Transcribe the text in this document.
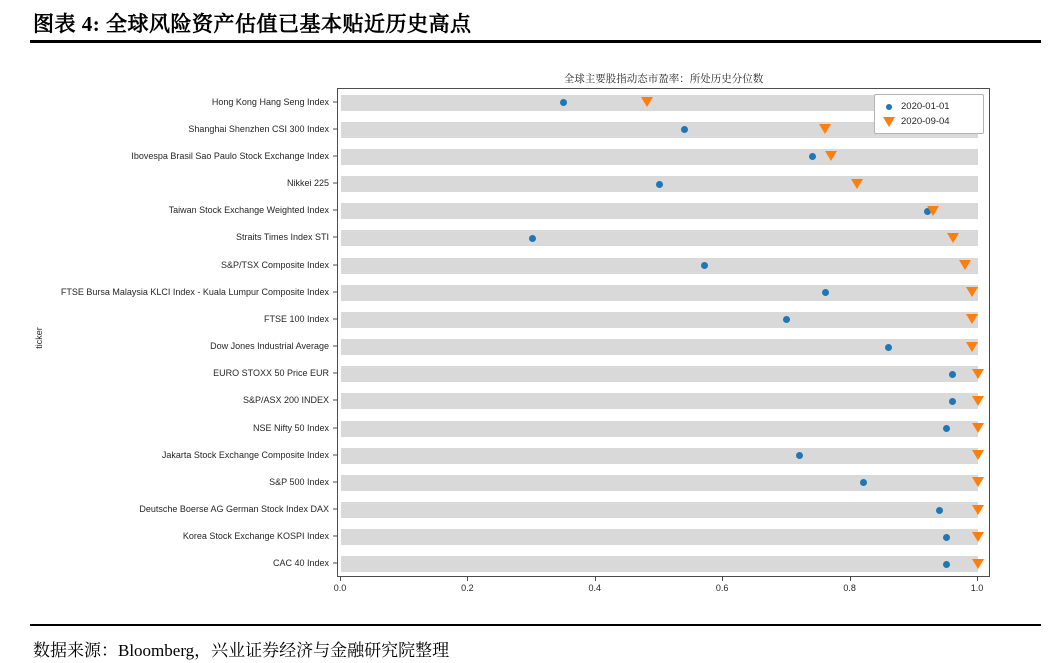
图表 4: 全球风险资产估值已基本贴近历史高点
全球主要股指动态市盈率：所处历史分位数
ticker
2020-01-01
2020-09-04
Hong Kong Hang Seng Index
Shanghai Shenzhen CSI 300 Index
Ibovespa Brasil Sao Paulo Stock Exchange Index
Nikkei 225
Taiwan Stock Exchange Weighted Index
Straits Times Index STI
S&P/TSX Composite Index
FTSE Bursa Malaysia KLCI Index - Kuala Lumpur Composite Index
FTSE 100 Index
Dow Jones Industrial Average
EURO STOXX 50 Price EUR
S&P/ASX 200 INDEX
NSE Nifty 50 Index
Jakarta Stock Exchange Composite Index
S&P 500 Index
Deutsche Boerse AG German Stock Index DAX
Korea Stock Exchange KOSPI Index
CAC 40 Index
0.0	0.2	0.4	0.6	0.8	1.0
数据来源：Bloomberg，兴业证券经济与金融研究院整理
